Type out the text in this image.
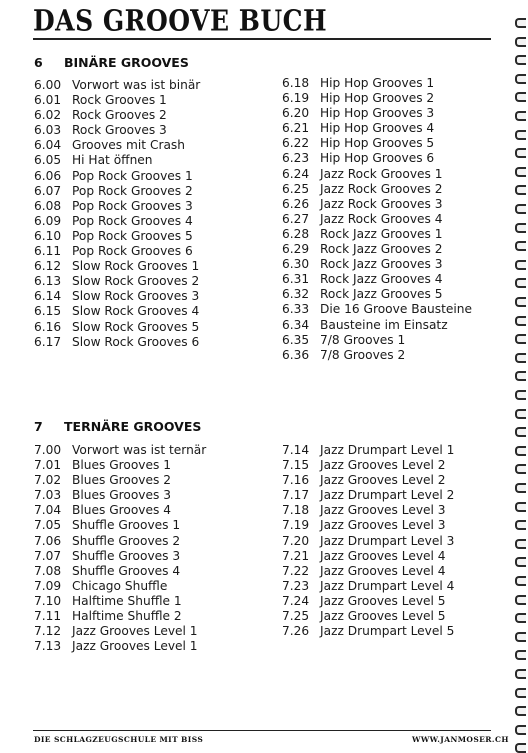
DAS GROOVE BUCH
6 BINÄRE GROOVES
6.00 Vorwort was ist binär
6.01 Rock Grooves 1
6.02 Rock Grooves 2
6.03 Rock Grooves 3
6.04 Grooves mit Crash
6.05 Hi Hat öffnen
6.06 Pop Rock Grooves 1
6.07 Pop Rock Grooves 2
6.08 Pop Rock Grooves 3
6.09 Pop Rock Grooves 4
6.10 Pop Rock Grooves 5
6.11 Pop Rock Grooves 6
6.12 Slow Rock Grooves 1
6.13 Slow Rock Grooves 2
6.14 Slow Rock Grooves 3
6.15 Slow Rock Grooves 4
6.16 Slow Rock Grooves 5
6.17 Slow Rock Grooves 6
6.18 Hip Hop Grooves 1
6.19 Hip Hop Grooves 2
6.20 Hip Hop Grooves 3
6.21 Hip Hop Grooves 4
6.22 Hip Hop Grooves 5
6.23 Hip Hop Grooves 6
6.24 Jazz Rock Grooves 1
6.25 Jazz Rock Grooves 2
6.26 Jazz Rock Grooves 3
6.27 Jazz Rock Grooves 4
6.28 Rock Jazz Grooves 1
6.29 Rock Jazz Grooves 2
6.30 Rock Jazz Grooves 3
6.31 Rock Jazz Grooves 4
6.32 Rock Jazz Grooves 5
6.33 Die 16 Groove Bausteine
6.34 Bausteine im Einsatz
6.35 7/8 Grooves 1
6.36 7/8 Grooves 2
7 TERNÄRE GROOVES
7.00 Vorwort was ist ternär
7.01 Blues Grooves 1
7.02 Blues Grooves 2
7.03 Blues Grooves 3
7.04 Blues Grooves 4
7.05 Shuffle Grooves 1
7.06 Shuffle Grooves 2
7.07 Shuffle Grooves 3
7.08 Shuffle Grooves 4
7.09 Chicago Shuffle
7.10 Halftime Shuffle 1
7.11 Halftime Shuffle 2
7.12 Jazz Grooves Level 1
7.13 Jazz Grooves Level 1
7.14 Jazz Drumpart Level 1
7.15 Jazz Grooves Level 2
7.16 Jazz Grooves Level 2
7.17 Jazz Drumpart Level 2
7.18 Jazz Grooves Level 3
7.19 Jazz Grooves Level 3
7.20 Jazz Drumpart Level 3
7.21 Jazz Grooves Level 4
7.22 Jazz Grooves Level 4
7.23 Jazz Drumpart Level 4
7.24 Jazz Grooves Level 5
7.25 Jazz Grooves Level 5
7.26 Jazz Drumpart Level 5
DIE SCHLAGZEUGSCHULE MIT BISS	WWW.JANMOSER.CH
